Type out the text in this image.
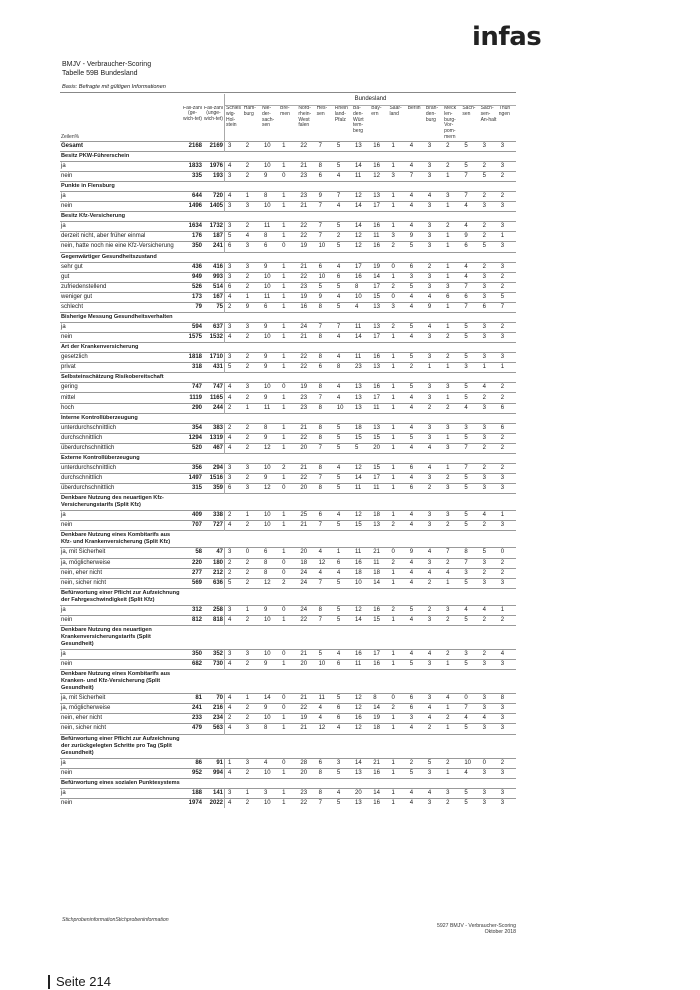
infas
BMJV - Verbraucher-Scoring
Tabelle 59B Bundesland
Basis: Befragte mit gültigen Informationen
			Bundesland															
Zeilen%	Fall-zahl (ge-wich-tet)	Fall-zahl (unge-wich-tet)	Schles wig-Hol-stein	Ham-burg	Nie-der-sach-sen	Bre-men	Nord-rhein-West falen	Hes-sen	Rhein land-Pfalz	Ba-den-Würt tem-berg	Bay-ern	Saar-land	Berlin	Bran-den-burg	Meck len-burg-Vor-pom-mern	Sach-sen	Sach-sen-An-halt	Thüri ngen
Gesamt	2168	2169	3	2	10	1	22	7	5	13	16	1	4	3	2	5	3	3
Besitz PKW-Führerschein																		
ja	1833	1976	4	2	10	1	21	8	5	14	16	1	4	3	2	5	2	3
nein	335	193	3	2	9	0	23	6	4	11	12	3	7	3	1	7	5	2
Punkte in Flensburg																		
ja	644	720	4	1	8	1	23	9	7	12	13	1	4	4	3	7	2	2
nein	1496	1405	3	3	10	1	21	7	4	14	17	1	4	3	1	4	3	3
Besitz Kfz-Versicherung																		
ja	1634	1732	3	2	11	1	22	7	5	14	16	1	4	3	2	4	2	3
derzeit nicht, aber früher einmal	176	187	5	4	8	1	22	7	2	12	11	3	9	3	1	9	2	1
nein, hatte noch nie eine Kfz-Versicherung	350	241	6	3	6	0	19	10	5	12	16	2	5	3	1	6	5	3
Gegenwärtiger Gesundheitszustand																		
sehr gut	436	416	3	3	9	1	21	6	4	17	19	0	6	2	1	4	2	3
gut	949	993	3	2	10	1	22	10	6	16	14	1	3	3	1	4	3	2
zufriedenstellend	526	514	6	2	10	1	23	5	5	8	17	2	5	3	3	7	3	2
weniger gut	173	167	4	1	11	1	19	9	4	10	15	0	4	4	6	6	3	5
schlecht	79	75	2	9	6	1	16	8	5	4	13	3	4	9	1	7	6	7
Bisherige Messung Gesundheitsverhalten																		
ja	594	637	3	3	9	1	24	7	7	11	13	2	5	4	1	5	3	2
nein	1575	1532	4	2	10	1	21	8	4	14	17	1	4	3	2	5	3	3
Art der Krankenversicherung																		
gesetzlich	1818	1710	3	2	9	1	22	8	4	11	16	1	5	3	2	5	3	3
privat	318	431	5	2	9	1	22	6	8	23	13	1	2	1	1	3	1	1
Selbsteinschätzung Risikobereitschaft																		
gering	747	747	4	3	10	0	19	8	4	13	16	1	5	3	3	5	4	2
mittel	1119	1165	4	2	9	1	23	7	4	13	17	1	4	3	1	5	2	2
hoch	290	244	2	1	11	1	23	8	10	13	11	1	4	2	2	4	3	6
Interne Kontrollüberzeugung																		
unterdurchschnittlich	354	383	2	2	8	1	21	8	5	18	13	1	4	3	3	3	3	6
durchschnittlich	1294	1319	4	2	9	1	22	8	5	15	15	1	5	3	1	5	3	2
überdurchschnittlich	520	467	4	2	12	1	20	7	5	5	20	1	4	4	3	7	2	2
Externe Kontrollüberzeugung																		
unterdurchschnittlich	356	294	3	3	10	2	21	8	4	12	15	1	6	4	1	7	2	2
durchschnittlich	1497	1516	3	2	9	1	22	7	5	14	17	1	4	3	2	5	3	3
überdurchschnittlich	315	359	6	3	12	0	20	8	5	11	11	1	6	2	3	5	3	3
Denkbare Nutzung des neuartigen Kfz-Versicherungstarifs (Split Kfz)																		
ja	409	338	2	1	10	1	25	6	4	12	18	1	4	3	3	5	4	1
nein	707	727	4	2	10	1	21	7	5	15	13	2	4	3	2	5	2	3
Denkbare Nutzung eines Kombitarifs aus Kfz- und Krankenversicherung (Split Kfz)																		
ja, mit Sicherheit	58	47	3	0	6	1	20	4	1	11	21	0	9	4	7	8	5	0
ja, möglicherweise	220	180	2	2	8	0	18	12	6	16	11	2	4	3	2	7	3	2
nein, eher nicht	277	212	2	2	8	0	24	4	4	18	18	1	4	4	4	3	2	2
nein, sicher nicht	569	636	5	2	12	2	24	7	5	10	14	1	4	2	1	5	3	3
Befürwortung einer Pflicht zur Aufzeichnung der Fahrgeschwindigkeit (Split Kfz)																		
ja	312	258	3	1	9	0	24	8	5	12	16	2	5	2	3	4	4	1
nein	812	818	4	2	10	1	22	7	5	14	15	1	4	3	2	5	2	2
Denkbare Nutzung des neuartigen Krankenversicherungstarifs (Split Gesundheit)																		
ja	350	352	3	3	10	0	21	5	4	16	17	1	4	4	2	3	2	4
nein	682	730	4	2	9	1	20	10	6	11	16	1	5	3	1	5	3	3
Denkbare Nutzung eines Kombitarifs aus Kranken- und Kfz-Versicherung (Split Gesundheit)																		
ja, mit Sicherheit	81	70	4	1	14	0	21	11	5	12	8	0	6	3	4	0	3	8
ja, möglicherweise	241	216	4	2	9	0	22	4	6	12	14	2	6	4	1	7	3	3
nein, eher nicht	233	234	2	2	10	1	19	4	6	16	19	1	3	4	2	4	4	3
nein, sicher nicht	479	563	4	3	8	1	21	12	4	12	18	1	4	2	1	5	3	3
Befürwortung einer Pflicht zur Aufzeichnung der zurückgelegten Schritte pro Tag (Split Gesundheit)																		
ja	86	91	1	3	4	0	28	6	3	14	21	1	2	5	2	10	0	2
nein	952	994	4	2	10	1	20	8	5	13	16	1	5	3	1	4	3	3
Befürwortung eines sozialen Punktesystems																		
ja	188	141	3	1	3	1	23	8	4	20	14	1	4	4	3	5	3	3
nein	1974	2022	4	2	10	1	22	7	5	13	16	1	4	3	2	5	3	3
StichprobeninformationStichprobeninformation
5927 BMJV - Verbraucher-Scoring
Oktober 2018
Seite 214
